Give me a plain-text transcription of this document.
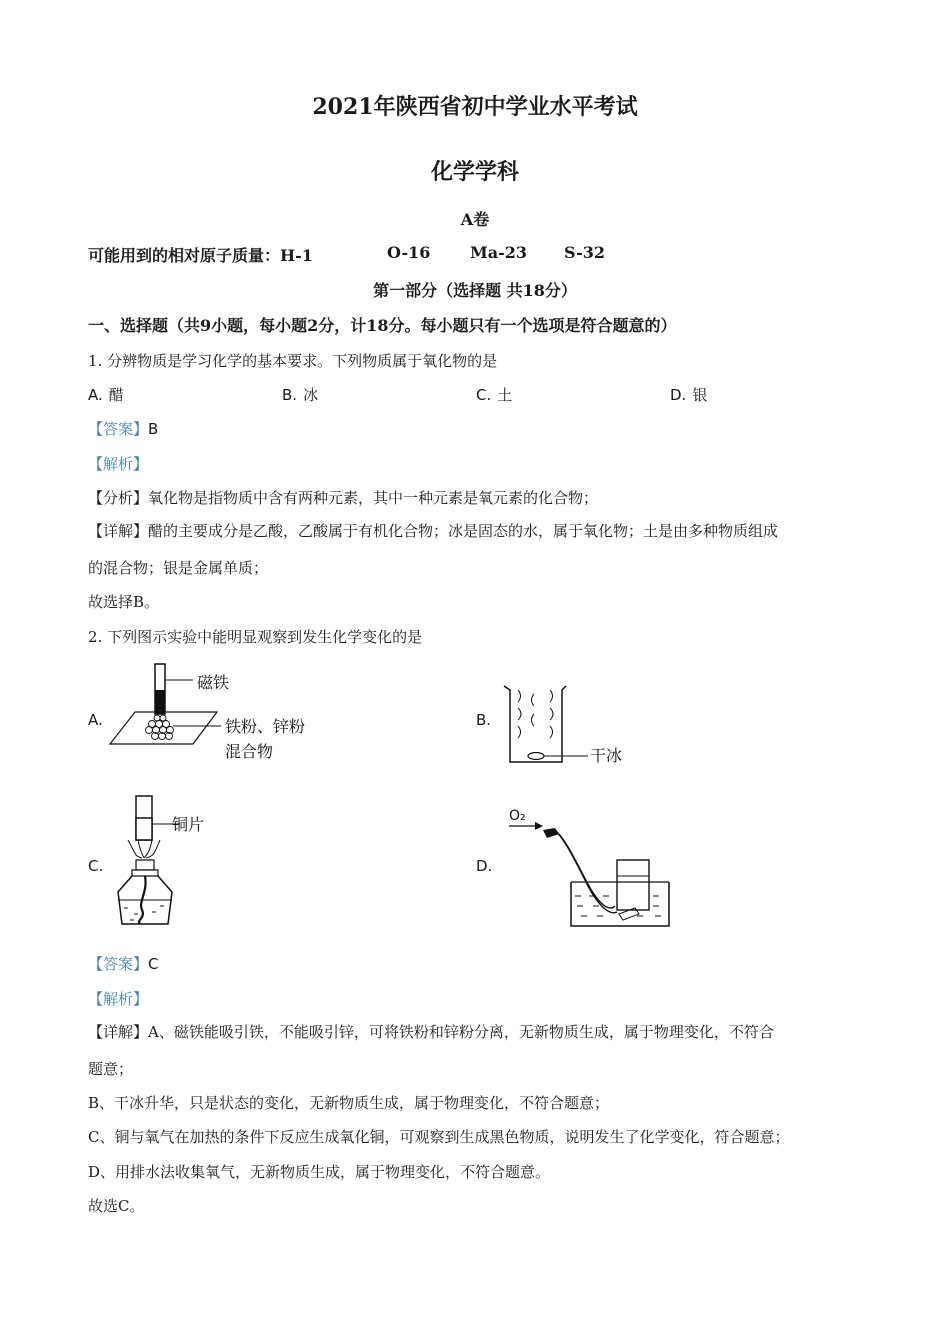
2021年陕西省初中学业水平考试
化学学科
A卷
可能用到的相对原子质量：H-1	O-16 Ma-23 S-32
第一部分（选择题 共18分）
一、选择题（共9小题，每小题2分，计18分。每小题只有一个选项是符合题意的）
1. 分辨物质是学习化学的基本要求。下列物质属于氧化物的是
A. 醋	B. 冰	C. 土	D. 银
【答案】B
【解析】
【分析】氧化物是指物质中含有两种元素，其中一种元素是氧元素的化合物；
【详解】醋的主要成分是乙酸，乙酸属于有机化合物；冰是固态的水，属于氧化物；土是由多种物质组成
的混合物；银是金属单质；
故选择B。
2. 下列图示实验中能明显观察到发生化学变化的是
A.	B.
C.	D.
磁铁
铁粉、锌粉
混合物	干冰
铜片	O₂
【答案】C
【解析】
【详解】A、磁铁能吸引铁，不能吸引锌，可将铁粉和锌粉分离，无新物质生成，属于物理变化，不符合
题意；
B、干冰升华，只是状态的变化，无新物质生成，属于物理变化，不符合题意；
C、铜与氧气在加热的条件下反应生成氧化铜，可观察到生成黑色物质，说明发生了化学变化，符合题意；
D、用排水法收集氧气，无新物质生成，属于物理变化，不符合题意。
故选C。
